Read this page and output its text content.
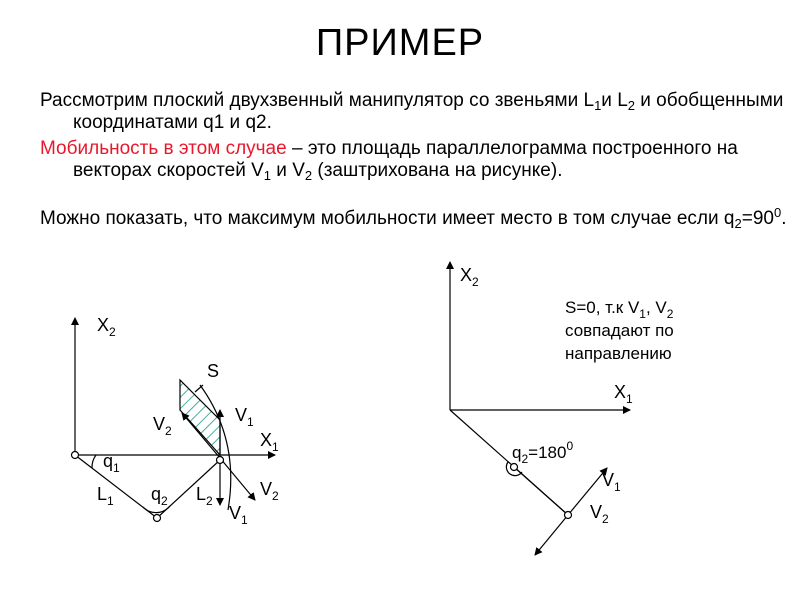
ПРИМЕР
Рассмотрим плоский двухзвенный манипулятор со звеньями $L_1и$ $L_2$ и обобщенными координатами q1 и q2.
Мобильность в этом случае – это площадь параллелограмма построенного на векторах скоростей $V_1$ и $V_2$ (заштрихована на рисунке).
Можно показать, что максимум мобильности имеет место в том случае если $q_2=90^0$.
$X_2$
$X_1$
S
$V_1$
$V_2$
$q_1$
$L_1$ $q_2$ $L_2$
$V_2$
$V_1$
$X_2$
$X_1$
S=0, т.к $V_1$, $V_2$ совпадают по направлению
$q_2=180^0$
$V_1$
$V_2$
